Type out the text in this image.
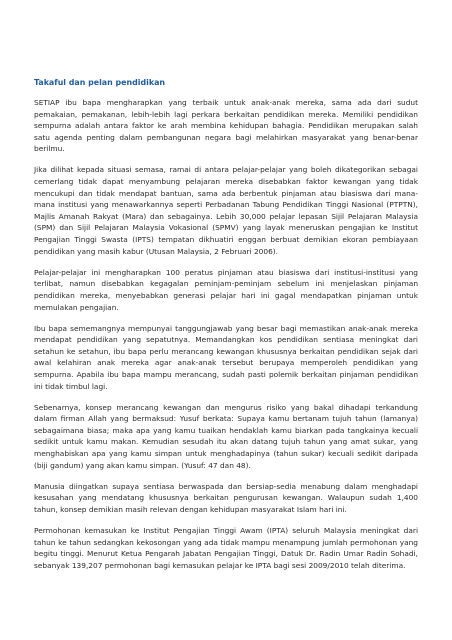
Takaful dan pelan pendidikan

SETIAP ibu bapa mengharapkan yang terbaik untuk anak-anak mereka, sama ada dari sudut pemakaian, pemakanan, lebih-lebih lagi perkara berkaitan pendidikan mereka. Memiliki pendidikan sempurna adalah antara faktor ke arah membina kehidupan bahagia. Pendidikan merupakan salah satu agenda penting dalam pembangunan negara bagi melahirkan masyarakat yang benar-benar berilmu.

Jika dilihat kepada situasi semasa, ramai di antara pelajar-pelajar yang boleh dikategorikan sebagai cemerlang tidak dapat menyambung pelajaran mereka disebabkan faktor kewangan yang tidak mencukupi dan tidak mendapat bantuan, sama ada berbentuk pinjaman atau biasiswa dari mana-mana institusi yang menawarkannya seperti Perbadanan Tabung Pendidikan Tinggi Nasional (PTPTN), Majlis Amanah Rakyat (Mara) dan sebagainya. Lebih 30,000 pelajar lepasan Sijil Pelajaran Malaysia (SPM) dan Sijil Pelajaran Malaysia Vokasional (SPMV) yang layak meneruskan pengajian ke Institut Pengajian Tinggi Swasta (IPTS) tempatan dikhuatiri enggan berbuat demikian ekoran pembiayaan pendidikan yang masih kabur (Utusan Malaysia, 2 Februari 2006).

Pelajar-pelajar ini mengharapkan 100 peratus pinjaman atau biasiswa dari institusi-institusi yang terlibat, namun disebabkan kegagalan peminjam-peminjam sebelum ini menjelaskan pinjaman pendidikan mereka, menyebabkan generasi pelajar hari ini gagal mendapatkan pinjaman untuk memulakan pengajian.

Ibu bapa sememangnya mempunyai tanggungjawab yang besar bagi memastikan anak-anak mereka mendapat pendidikan yang sepatutnya. Memandangkan kos pendidikan sentiasa meningkat dari setahun ke setahun, ibu bapa perlu merancang kewangan khususnya berkaitan pendidikan sejak dari awal kelahiran anak mereka agar anak-anak tersebut berupaya memperoleh pendidikan yang sempurna. Apabila ibu bapa mampu merancang, sudah pasti polemik berkaitan pinjaman pendidikan ini tidak timbul lagi.

Sebenarnya, konsep merancang kewangan dan mengurus risiko yang bakal dihadapi terkandung dalam firman Allah yang bermaksud: Yusuf berkata: Supaya kamu bertanam tujuh tahun (lamanya) sebagaimana biasa; maka apa yang kamu tuaikan hendaklah kamu biarkan pada tangkainya kecuali sedikit untuk kamu makan. Kemudian sesudah itu akan datang tujuh tahun yang amat sukar, yang menghabiskan apa yang kamu simpan untuk menghadapinya (tahun sukar) kecuali sedikit daripada (biji gandum) yang akan kamu simpan. (Yusuf: 47 dan 48).

Manusia diingatkan supaya sentiasa berwaspada dan bersiap-sedia menabung dalam menghadapi kesusahan yang mendatang khususnya berkaitan pengurusan kewangan. Walaupun sudah 1,400 tahun, konsep demikian masih relevan dengan kehidupan masyarakat Islam hari ini.

Permohonan kemasukan ke Institut Pengajian Tinggi Awam (IPTA) seluruh Malaysia meningkat dari tahun ke tahun sedangkan kekosongan yang ada tidak mampu menampung jumlah permohonan yang begitu tinggi. Menurut Ketua Pengarah Jabatan Pengajian Tinggi, Datuk Dr. Radin Umar Radin Sohadi, sebanyak 139,207 permohonan bagi kemasukan pelajar ke IPTA bagi sesi 2009/2010 telah diterima.
